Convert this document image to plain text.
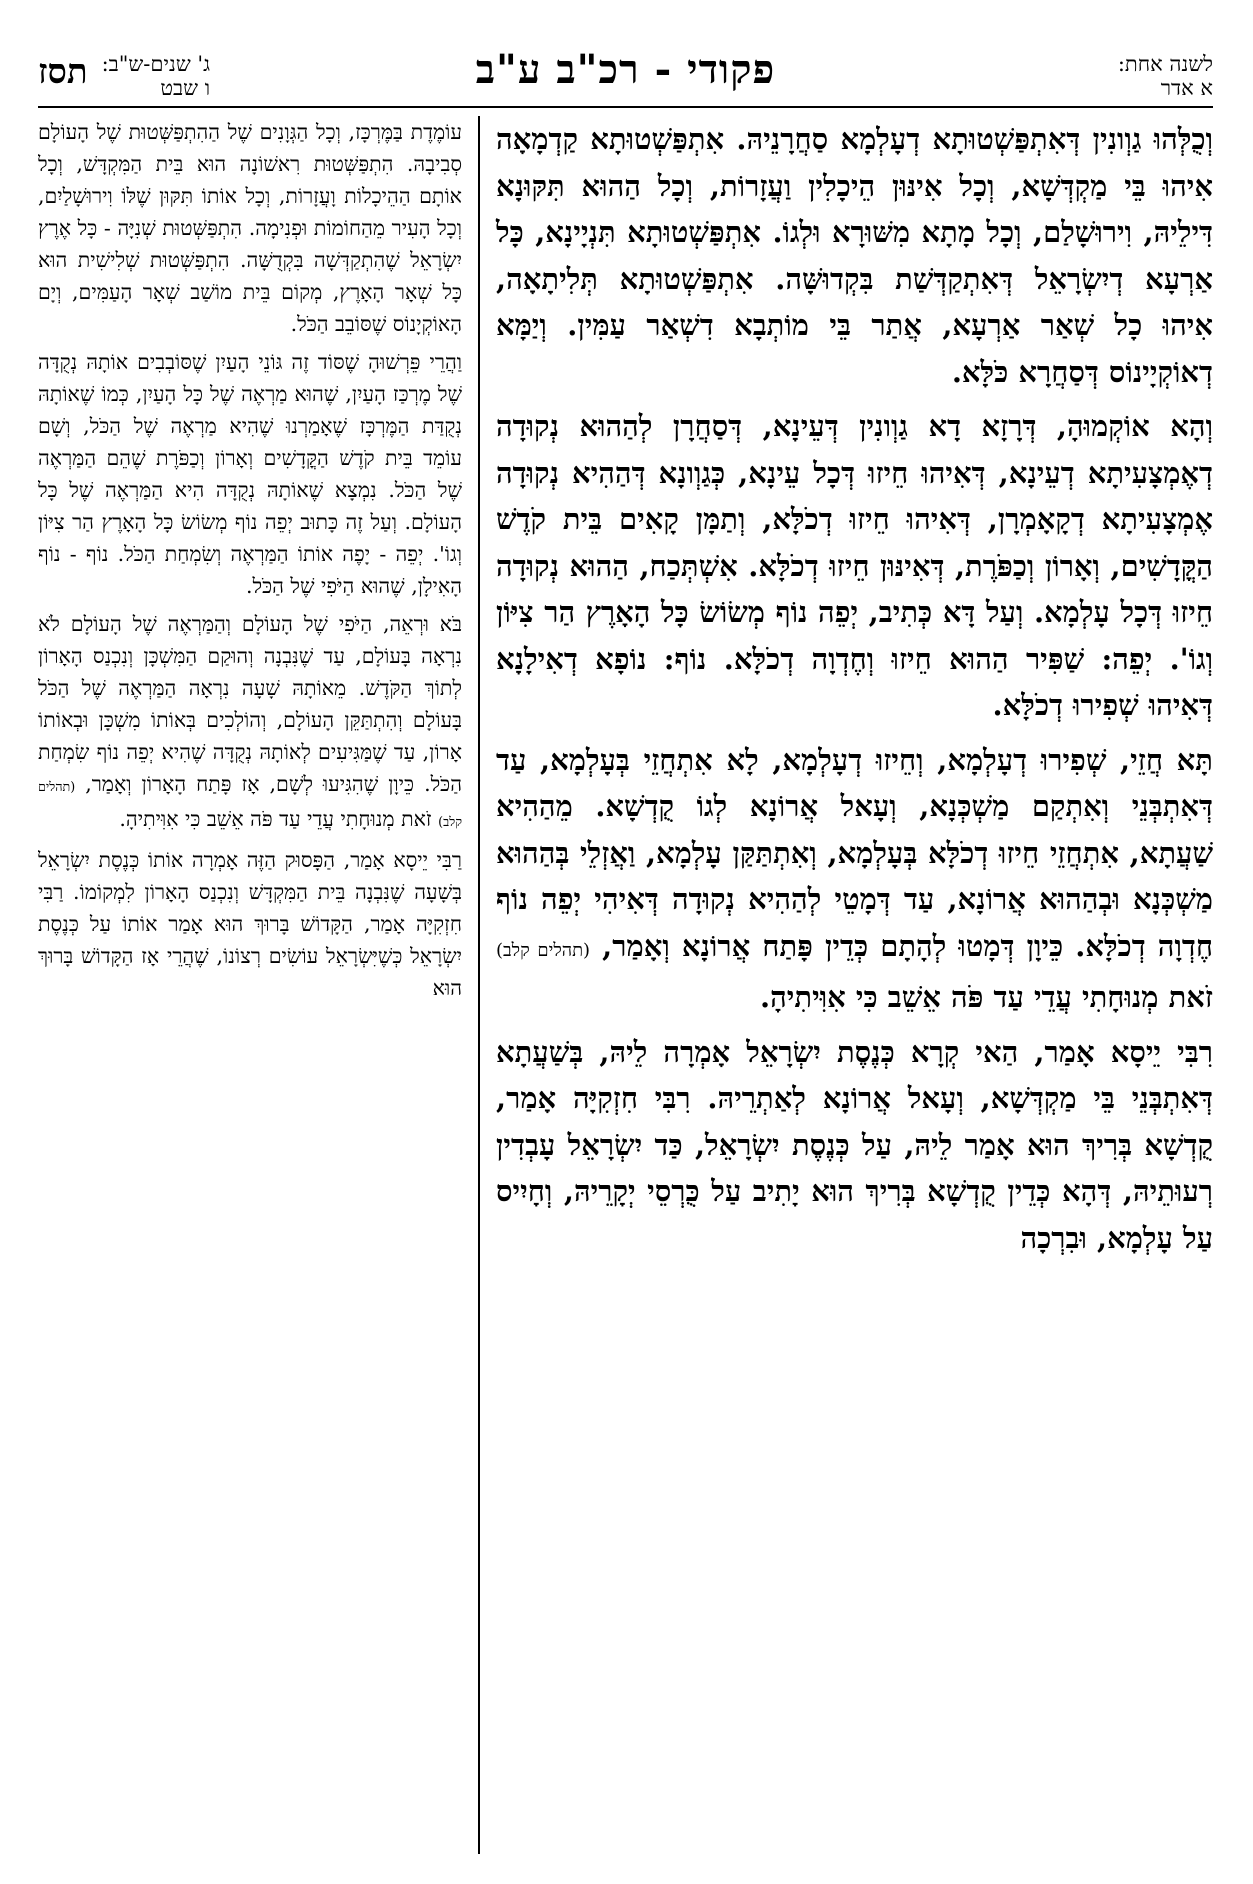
לשנה אחת:
א אדר
פקודי - רכ"ב ע"ב
תסז ג' שנים-ש"ב:
ו שבט

וְכֻלְּהוּ גַוְונִין דְּאִתְפַּשְׁטוּתָא דְעָלְמָא סַחֲרָנֵיהּ. אִתְפַּשְׁטוּתָא קַדְמָאָה אִיהוּ בֵּי מַקְדְּשָׁא, וְכָל אִינּוּן הֵיכָלִין וַעֲזָרוֹת, וְכָל הַהוּא תִּקּוּנָא דִּילֵיהּ, וִירוּשָׁלַם, וְכָל מָתָא מִשּׁוּרָא וּלְגוֹ. אִתְפַּשְׁטוּתָא תִּנְיָינָא, כָּל אַרְעָא דְיִשְׂרָאֵל דְּאִתְקַדְּשַׁת בִּקְדוּשָּׁה. אִתְפַּשְׁטוּתָא תְּלִיתָאָה, אִיהוּ כָל שְׁאַר אַרְעָא, אֲתַר בֵּי מוֹתְבָא דִשְׁאַר עַמִּין. וְיַמָּא דְאוֹקְיָינוֹס דְּסַחֲרָא כֹּלָּא.

וְהָא אוֹקְמוּהָ, דְּרָזָא דָא גַוְונִין דְּעֵינָא, דְּסַחֲרָן לְהַהוּא נְקוּדָה דְאֶמְצָעִיתָא דְעֵינָא, דְּאִיהוּ חֵיזוּ דְּכָל עֵינָא, כְּגַוְונָא דְּהַהִיא נְקוּדָה אֶמְצָעִיתָא דְקָאָמְרָן, דְּאִיהוּ חֵיזוּ דְכֹלָּא, וְתַמָּן קָאִים בֵּית קֹדֶשׁ הַקֳּדָשִׁים, וְאָרוֹן וְכַפֹּרֶת, דְּאִינּוּן חֵיזוּ דְכֹלָּא. אִשְׁתְּכַח, הַהוּא נְקוּדָה חֵיזוּ דְּכָל עָלְמָא. וְעַל דָּא כְּתִיב, יְפֵה נוֹף מְשׂוֹשׂ כָּל הָאָרֶץ הַר צִיּוֹן וְגוֹ'. יְפֵה: שַׁפִּיר הַהוּא חֵיזוּ וְחֶדְוָה דְכֹלָּא. נוֹף: נוֹפָא דְאִילָנָא דְּאִיהוּ שְׁפִירוּ דְכֹלָּא.

תָּא חֲזֵי, שְׁפִירוּ דְעָלְמָא, וְחֵיזוּ דְעָלְמָא, לָא אִתְחֲזֵי בְּעָלְמָא, עַד דְּאִתְבְּנֵי וְאִתְקַם מַשְׁכְּנָא, וְעָאל אֲרוֹנָא לְגוֹ קֻדְשָׁא. מֵהַהִיא שַׁעֲתָא, אִתְחֲזֵי חֵיזוּ דְכֹלָּא בְּעָלְמָא, וְאִתְתַּקַּן עָלְמָא, וַאֲזְלֵי בְּהַהוּא מַשְׁכְּנָא וּבְהַהוּא אֲרוֹנָא, עַד דְּמָטֵי לְהַהִיא נְקוּדָה דְּאִיהִי יְפֵה נוֹף חֶדְוָה דְכֹלָּא. כֵּיוָן דְּמָטוּ לְהָתָם כְּדֵין פָּתַח אֲרוֹנָא וְאָמַר, (תהלים קלב) זֹאת מְנוּחָתִי עֲדֵי עַד פֹּה אֵשֵׁב כִּי אִוִּיתִיהָ.

רִבִּי יֵיסָא אָמַר, הַאי קְרָא כְּנֶסֶת יִשְׂרָאֵל אָמְרָה לֵיהּ, בְּשַׁעֲתָא דְּאִתְבְּנֵי בֵּי מַקְדְּשָׁא, וְעָאל אֲרוֹנָא לְאַתְרֵיהּ. רִבִּי חִזְקִיָּה אָמַר, קֻדְשָׁא בְּרִיךְ הוּא אָמַר לֵיהּ, עַל כְּנֶסֶת יִשְׂרָאֵל, כַּד יִשְׂרָאֵל עָבְדִין רְעוּתֵיהּ, דְּהָא כְּדֵין קֻדְשָׁא בְּרִיךְ הוּא יָתִיב עַל כֻּרְסֵי יְקָרֵיהּ, וְחָיִיס עַל עָלְמָא, וּבִרְכָה

עוֹמֶדֶת בַּמֶּרְכָּז, וְכָל הַגְּוָנִים שֶׁל הַהִתְפַּשְּׁטוּת שֶׁל הָעוֹלָם סְבִיבָהּ. הִתְפַּשְּׁטוּת רִאשׁוֹנָה הוּא בֵּית הַמִּקְדָּשׁ, וְכָל אוֹתָם הַהֵיכָלוֹת וָעֲזָרוֹת, וְכָל אוֹתוֹ תִּקּוּן שֶׁלּוֹ וִירוּשָׁלַיִם, וְכָל הָעִיר מֵהַחוֹמוֹת וּפְנִימָה. הִתְפַּשְּׁטוּת שְׁנִיָּה - כָּל אֶרֶץ יִשְׂרָאֵל שֶׁהִתְקַדְּשָׁה בִּקְדֻשָּׁה. הִתְפַּשְּׁטוּת שְׁלִישִׁית הוּא כָּל שְׁאָר הָאָרֶץ, מְקוֹם בֵּית מוֹשַׁב שְׁאָר הָעַמִּים, וְיָם הָאוֹקְיָנוֹס שֶׁסּוֹבֵב הַכֹּל.

וַהֲרֵי פֵּרְשׁוּהָ שֶׁסּוֹד זֶה גּוֹנֵי הָעַיִן שֶׁסּוֹבְבִים אוֹתָהּ נְקֻדָּה שֶׁל מֶרְכַּז הָעַיִן, שֶׁהוּא מַרְאֶה שֶׁל כָּל הָעַיִן, כְּמוֹ שֶׁאוֹתָהּ נְקֻדַּת הַמֶּרְכָּז שֶׁאָמַרְנוּ שֶׁהִיא מַרְאֶה שֶׁל הַכֹּל, וְשָׁם עוֹמֵד בֵּית קֹדֶשׁ הַקֳּדָשִׁים וְאָרוֹן וְכַפֹּרֶת שֶׁהֵם הַמַּרְאֶה שֶׁל הַכֹּל. נִמְצָא שֶׁאוֹתָהּ נְקֻדָּה הִיא הַמַּרְאֶה שֶׁל כָּל הָעוֹלָם. וְעַל זֶה כָּתוּב יְפֵה נוֹף מְשׂוֹשׂ כָּל הָאָרֶץ הַר צִיּוֹן וְגוֹ'. יְפֵה - יָפֶה אוֹתוֹ הַמַּרְאֶה וְשִׂמְחַת הַכֹּל. נוֹף - נוֹף הָאִילָן, שֶׁהוּא הַיֹּפִי שֶׁל הַכֹּל.

בֹּא וּרְאֵה, הַיֹּפִי שֶׁל הָעוֹלָם וְהַמַּרְאֶה שֶׁל הָעוֹלָם לֹא נִרְאָה בָּעוֹלָם, עַד שֶׁנִּבְנָה וְהוּקַם הַמִּשְׁכָּן וְנִכְנַס הָאָרוֹן לְתוֹךְ הַקֹּדֶשׁ. מֵאוֹתָהּ שָׁעָה נִרְאָה הַמַּרְאֶה שֶׁל הַכֹּל בָּעוֹלָם וְהִתְתַּקֵּן הָעוֹלָם, וְהוֹלְכִים בְּאוֹתוֹ מִשְׁכָּן וּבְאוֹתוֹ אָרוֹן, עַד שֶׁמַּגִּיעִים לְאוֹתָהּ נְקֻדָּה שֶׁהִיא יְפֵה נוֹף שִׂמְחַת הַכֹּל. כֵּיוָן שֶׁהִגִּיעוּ לְשָׁם, אָז פָּתַח הָאָרוֹן וְאָמַר, (תהלים קלב) זֹאת מְנוּחָתִי עֲדֵי עַד פֹּה אֵשֵׁב כִּי אִוִּיתִיהָ.

רַבִּי יֵיסָא אָמַר, הַפָּסוּק הַזֶּה אָמְרָה אוֹתוֹ כְּנֶסֶת יִשְׂרָאֵל בְּשָׁעָה שֶׁנִּבְנָה בֵּית הַמִּקְדָּשׁ וְנִכְנַס הָאָרוֹן לִמְקוֹמוֹ. רַבִּי חִזְקִיָּה אָמַר, הַקָּדוֹשׁ בָּרוּךְ הוּא אָמַר אוֹתוֹ עַל כְּנֶסֶת יִשְׂרָאֵל כְּשֶׁיִּשְׂרָאֵל עוֹשִׂים רְצוֹנוֹ, שֶׁהֲרֵי אָז הַקָּדוֹשׁ בָּרוּךְ הוּא
